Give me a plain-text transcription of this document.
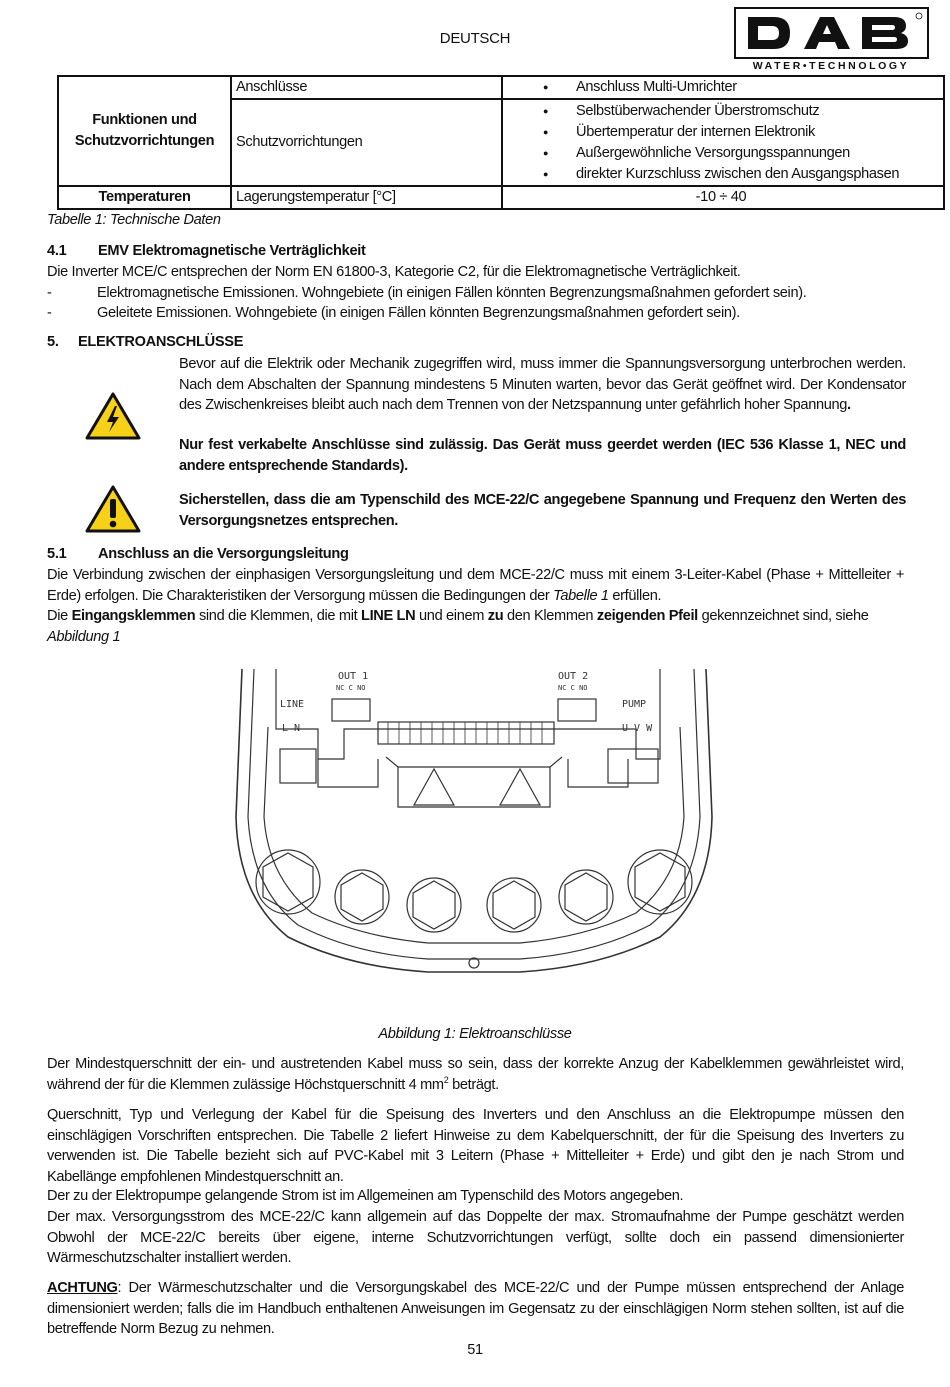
DEUTSCH
WATER•TECHNOLOGY
Funktionen und Schutzvorrichtungen	Anschlüsse	● Anschluss Multi-Umrichter

	Schutzvorrichtungen	● Selbstüberwachender Überstromschutz
● Übertemperatur der internen Elektronik
● Außergewöhnliche Versorgungsspannungen
● direkter Kurzschluss zwischen den Ausgangsphasen

Temperaturen	Lagerungstemperatur [°C]	-10 ÷ 40
Tabelle 1: Technische Daten
4.1 EMV Elektromagnetische Verträglichkeit
Die Inverter MCE/C entsprechen der Norm EN 61800-3, Kategorie C2, für die Elektromagnetische Verträglichkeit.
-	Elektromagnetische Emissionen. Wohngebiete (in einigen Fällen könnten Begrenzungsmaßnahmen gefordert sein).
-	Geleitete Emissionen. Wohngebiete (in einigen Fällen könnten Begrenzungsmaßnahmen gefordert sein).
5. ELEKTROANSCHLÜSSE
Bevor auf die Elektrik oder Mechanik zugegriffen wird, muss immer die Spannungsversorgung unterbrochen werden. Nach dem Abschalten der Spannung mindestens 5 Minuten warten, bevor das Gerät geöffnet wird. Der Kondensator des Zwischenkreises bleibt auch nach dem Trennen von der Netzspannung unter gefährlich hoher Spannung.
Nur fest verkabelte Anschlüsse sind zulässig. Das Gerät muss geerdet werden (IEC 536 Klasse 1, NEC und andere entsprechende Standards).
Sicherstellen, dass die am Typenschild des MCE-22/C angegebene Spannung und Frequenz den Werten des Versorgungsnetzes entsprechen.
5.1 Anschluss an die Versorgungsleitung
Die Verbindung zwischen der einphasigen Versorgungsleitung und dem MCE-22/C muss mit einem 3-Leiter-Kabel (Phase + Mittelleiter + Erde) erfolgen. Die Charakteristiken der Versorgung müssen die Bedingungen der Tabelle 1 erfüllen.
Die Eingangsklemmen sind die Klemmen, die mit LINE LN und einem zu den Klemmen zeigenden Pfeil gekennzeichnet sind, siehe
Abbildung 1
OUT 1
NC C NO
OUT 2
NC C NO
LINE
L N
PUMP
U V W
Abbildung 1: Elektroanschlüsse
Der Mindestquerschnitt der ein- und austretenden Kabel muss so sein, dass der korrekte Anzug der Kabelklemmen gewährleistet wird, während der für die Klemmen zulässige Höchstquerschnitt 4 $mm^2$ beträgt.
Querschnitt, Typ und Verlegung der Kabel für die Speisung des Inverters und den Anschluss an die Elektropumpe müssen den einschlägigen Vorschriften entsprechen. Die Tabelle 2 liefert Hinweise zu dem Kabelquerschnitt, der für die Speisung des Inverters zu verwenden ist. Die Tabelle bezieht sich auf PVC-Kabel mit 3 Leitern (Phase + Mittelleiter + Erde) und gibt den je nach Strom und Kabellänge empfohlenen Mindestquerschnitt an.
Der zu der Elektropumpe gelangende Strom ist im Allgemeinen am Typenschild des Motors angegeben.
Der max. Versorgungsstrom des MCE-22/C kann allgemein auf das Doppelte der max. Stromaufnahme der Pumpe geschätzt werden Obwohl der MCE-22/C bereits über eigene, interne Schutzvorrichtungen verfügt, sollte doch ein passend dimensionierter Wärmeschutzschalter installiert werden.
ACHTUNG: Der Wärmeschutzschalter und die Versorgungskabel des MCE-22/C und der Pumpe müssen entsprechend der Anlage dimensioniert werden; falls die im Handbuch enthaltenen Anweisungen im Gegensatz zu der einschlägigen Norm stehen sollten, ist auf die betreffende Norm Bezug zu nehmen.
51
